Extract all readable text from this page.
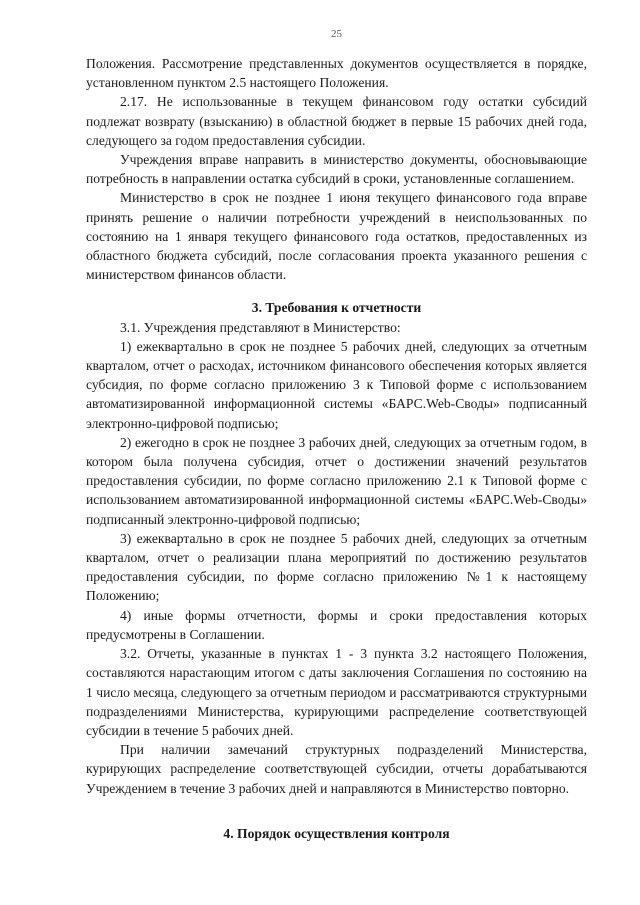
25

Положения. Рассмотрение представленных документов осуществляется в порядке, установленном пунктом 2.5 настоящего Положения.

2.17. Не использованные в текущем финансовом году остатки субсидий подлежат возврату (взысканию) в областной бюджет в первые 15 рабочих дней года, следующего за годом предоставления субсидии.

Учреждения вправе направить в министерство документы, обосновывающие потребность в направлении остатка субсидий в сроки, установленные соглашением.

Министерство в срок не позднее 1 июня текущего финансового года вправе принять решение о наличии потребности учреждений в неиспользованных по состоянию на 1 января текущего финансового года остатков, предоставленных из областного бюджета субсидий, после согласования проекта указанного решения с министерством финансов области.

3. Требования к отчетности

3.1. Учреждения представляют в Министерство:

1) ежеквартально в срок не позднее 5 рабочих дней, следующих за отчетным кварталом, отчет о расходах, источником финансового обеспечения которых является субсидия, по форме согласно приложению 3 к Типовой форме с использованием автоматизированной информационной системы «БАРС.Web-Своды» подписанный электронно-цифровой подписью;

2) ежегодно в срок не позднее 3 рабочих дней, следующих за отчетным годом, в котором была получена субсидия, отчет о достижении значений результатов предоставления субсидии, по форме согласно приложению 2.1 к Типовой форме с использованием автоматизированной информационной системы «БАРС.Web-Своды» подписанный электронно-цифровой подписью;

3) ежеквартально в срок не позднее 5 рабочих дней, следующих за отчетным кварталом, отчет о реализации плана мероприятий по достижению результатов предоставления субсидии, по форме согласно приложению №1 к настоящему Положению;

4) иные формы отчетности, формы и сроки предоставления которых предусмотрены в Соглашении.

3.2. Отчеты, указанные в пунктах 1 - 3 пункта 3.2 настоящего Положения, составляются нарастающим итогом с даты заключения Соглашения по состоянию на 1 число месяца, следующего за отчетным периодом и рассматриваются структурными подразделениями Министерства, курирующими распределение соответствующей субсидии в течение 5 рабочих дней.

При наличии замечаний структурных подразделений Министерства, курирующих распределение соответствующей субсидии, отчеты дорабатываются Учреждением в течение 3 рабочих дней и направляются в Министерство повторно.

4. Порядок осуществления контроля
